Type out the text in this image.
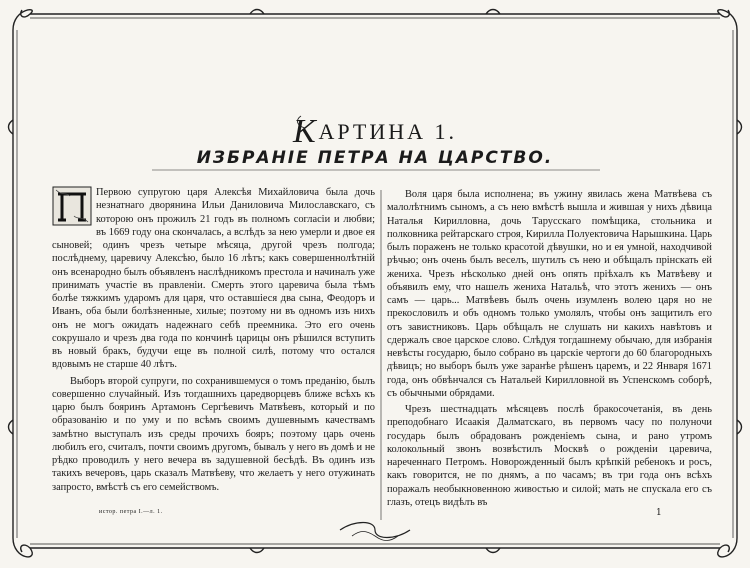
КАРТИНА 1.
ИЗБРАНІЕ ПЕТРА НА ЦАРСТВО.

Первою супругою царя Алексѣя Михайловича была дочь незнатнаго дворянина Ильи Даниловича Милославскаго, съ которою онъ прожилъ 21 годъ въ полномъ согласіи и любви; въ 1669 году она скончалась, а вслѣдъ за нею умерли и двое ея сыновей; одинъ чрезъ четыре мѣсяца, другой чрезъ полгода; послѣднему, царевичу Алексѣю, было 16 лѣтъ; какъ совершеннолѣтній онъ всенародно былъ объявленъ наслѣдникомъ престола и начиналъ уже принимать участіе въ правленіи. Смерть этого царевича была тѣмъ болѣе тяжкимъ ударомъ для царя, что оставшіеся два сына, Феодоръ и Иванъ, оба были болѣзненные, хилые; поэтому ни въ одномъ изъ нихъ онъ не могъ ожидать надежнаго себѣ преемника. Это его очень сокрушало и чрезъ два года по кончинѣ царицы онъ рѣшился вступить въ новый бракъ, будучи еще въ полной силѣ, потому что остался вдовымъ не старше 40 лѣтъ.

Выборъ второй супруги, по сохранившемуся о томъ преданію, былъ совершенно случайный. Изъ тогдашнихъ царедворцевъ ближе всѣхъ къ царю былъ бояринъ Артамонъ Сергѣевичъ Матвѣевъ, который и по образованію и по уму и по всѣмъ своимъ душевнымъ качествамъ замѣтно выступалъ изъ среды прочихъ бояръ; поэтому царь очень любилъ его, считалъ, почти своимъ другомъ, бывалъ у него въ домѣ и не рѣдко проводилъ у него вечера въ задушевной бесѣдѣ. Въ одинъ изъ такихъ вечеровъ, царь сказалъ Матвѣеву, что желаетъ у него отужинать запросто, вмѣстѣ съ его семействомъ.

Воля царя была исполнена; въ ужину явилась жена Матвѣева съ малолѣтнимъ сыномъ, а съ нею вмѣстѣ вышла и жившая у нихъ дѣвица Наталья Кирилловна, дочь Тарусскаго помѣщика, стольника и полковника рейтарскаго строя, Кирилла Полуектовича Нарышкина. Царь былъ пораженъ не только красотой дѣвушки, но и ея умной, находчивой рѣчью; онъ очень былъ веселъ, шутилъ съ нею и обѣщалъ прінскать ей жениха. Чрезъ нѣсколько дней онъ опять пріѣхалъ къ Матвѣеву и объявилъ ему, что нашелъ жениха Натальѣ, что этотъ женихъ — онъ самъ — царь... Матвѣевъ былъ очень изумленъ волею царя но не прекословилъ и объ одномъ только умолялъ, чтобы онъ защитилъ его отъ завистниковъ. Царь обѣщалъ не слушать ни какихъ навѣтовъ и сдержалъ свое царское слово. Слѣдуя тогдашнему обычаю, для избранія невѣсты государю, было собрано въ царскіе чертоги до 60 благородныхъ дѣвицъ; но выборъ былъ уже заранѣе рѣшенъ царемъ, и 22 Января 1671 года, онъ обвѣнчался съ Натальей Кирилловной въ Успенскомъ соборѣ, съ обычными обрядами.

Чрезъ шестнадцать мѣсяцевъ послѣ бракосочетанія, въ день преподобнаго Исаакія Далматскаго, въ первомъ часу по полуночи государь былъ обрадованъ рожденіемъ сына, и рано утромъ колокольный звонъ возвѣстилъ Москвѣ о рожденіи царевича, нареченнаго Петромъ. Новорожденный былъ крѣпкій ребенокъ и росъ, какъ говорится, не по днямъ, а по часамъ; въ три года онъ всѣхъ поражалъ необыкновенною живостью и силой; мать не спускала его съ глазъ, отецъ видѣлъ въ

истор. петра I.—л. 1.	1
